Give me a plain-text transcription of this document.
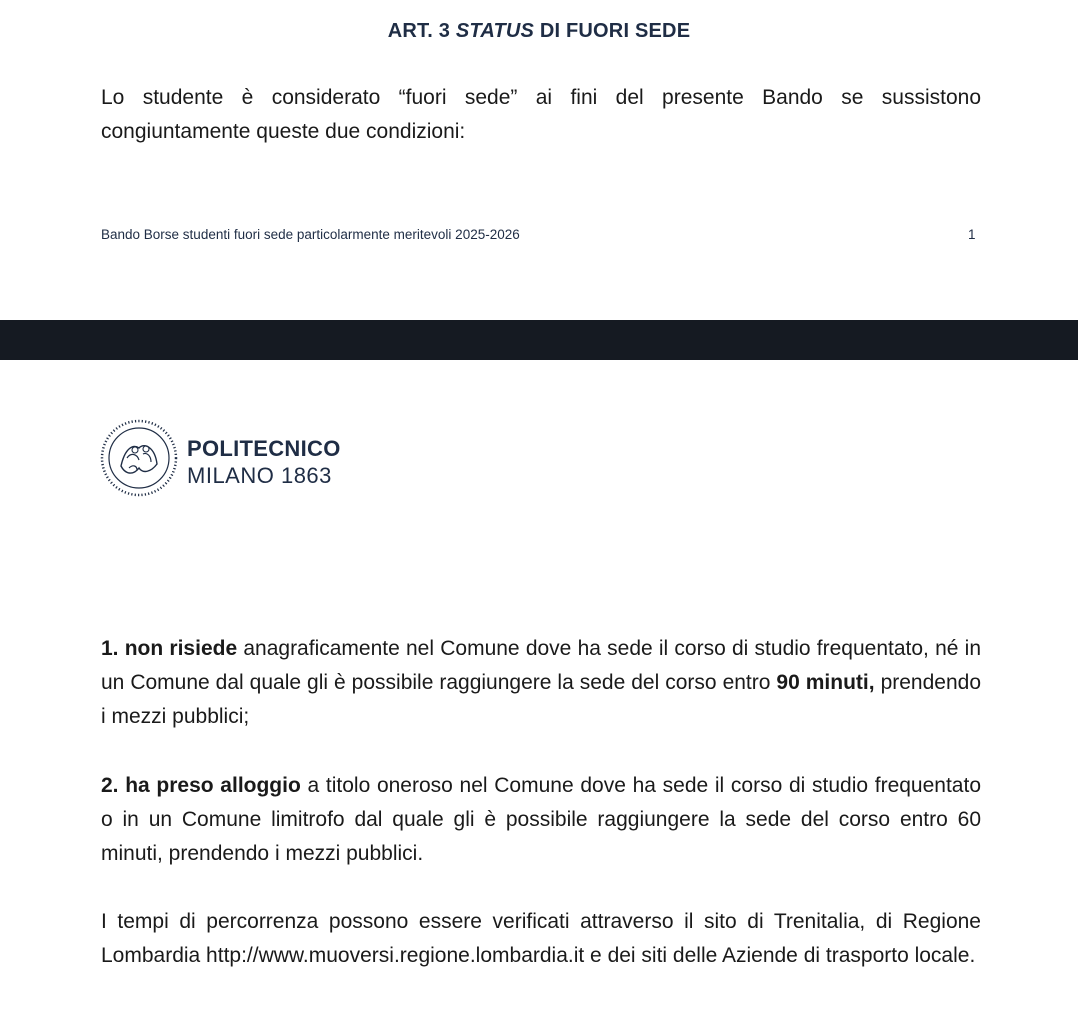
ART. 3 STATUS DI FUORI SEDE
Lo studente è considerato “fuori sede” ai fini del presente Bando se sussistono congiuntamente queste due condizioni:
Bando Borse studenti fuori sede particolarmente meritevoli 2025-2026	1
POLITECNICO
MILANO 1863
1. non risiede anagraficamente nel Comune dove ha sede il corso di studio frequentato, né in un Comune dal quale gli è possibile raggiungere la sede del corso entro 90 minuti, prendendo i mezzi pubblici;
2. ha preso alloggio a titolo oneroso nel Comune dove ha sede il corso di studio frequentato o in un Comune limitrofo dal quale gli è possibile raggiungere la sede del corso entro 60 minuti, prendendo i mezzi pubblici.
I tempi di percorrenza possono essere verificati attraverso il sito di Trenitalia, di Regione Lombardia http://www.muoversi.regione.lombardia.it e dei siti delle Aziende di trasporto locale.
